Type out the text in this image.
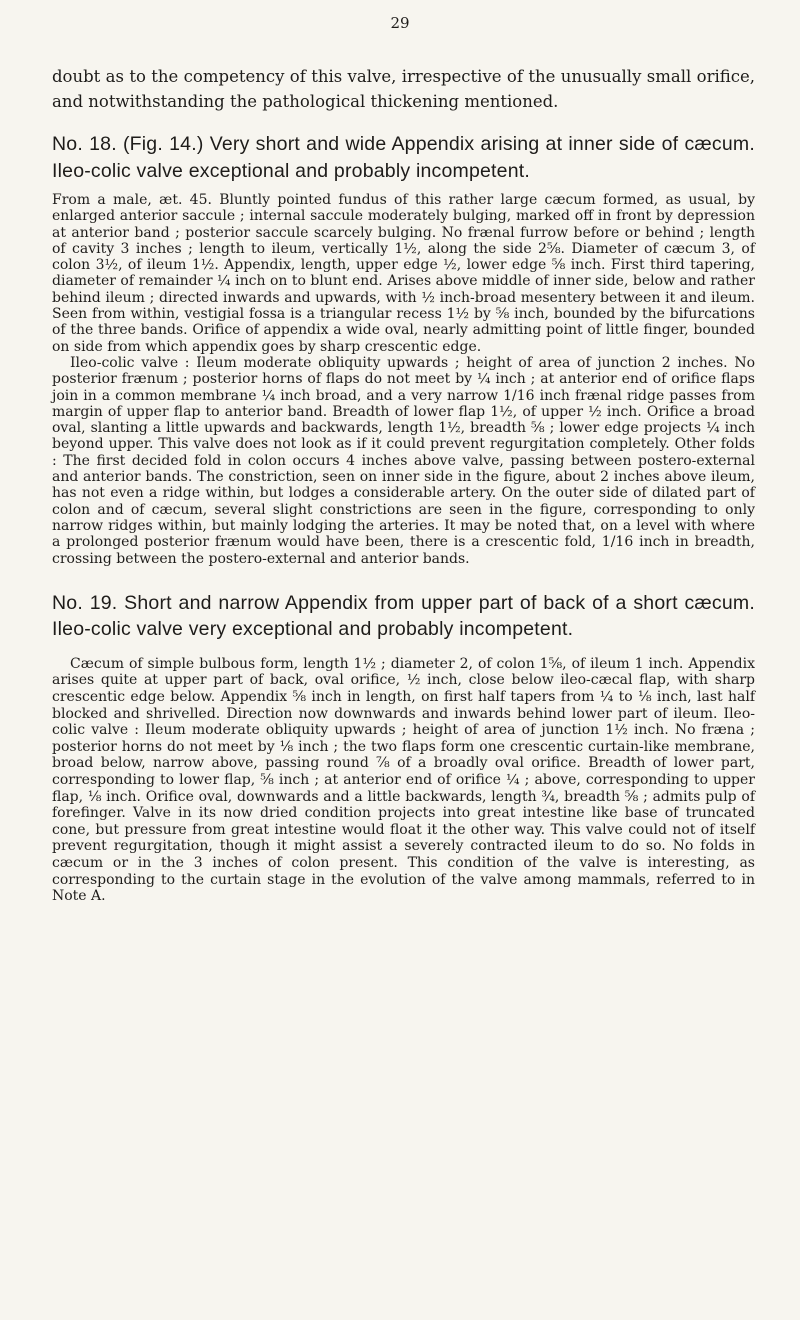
29

doubt as to the competency of this valve, irrespective of the unusually small orifice, and notwithstanding the pathological thickening mentioned.

No. 18. (Fig. 14.) Very short and wide Appendix arising at inner side of cæcum. Ileo-colic valve exceptional and probably incompetent.

From a male, æt. 45. Bluntly pointed fundus of this rather large cæcum formed, as usual, by enlarged anterior saccule ; internal saccule moderately bulging, marked off in front by depression at anterior band ; posterior saccule scarcely bulging. No frænal furrow before or behind ; length of cavity 3 inches ; length to ileum, vertically 1½, along the side 2⅝. Diameter of cæcum 3, of colon 3½, of ileum 1½. Appendix, length, upper edge ½, lower edge ⅝ inch. First third tapering, diameter of remainder ¼ inch on to blunt end. Arises above middle of inner side, below and rather behind ileum ; directed inwards and upwards, with ½ inch-broad mesentery between it and ileum. Seen from within, vestigial fossa is a triangular recess 1½ by ⅝ inch, bounded by the bifurcations of the three bands. Orifice of appendix a wide oval, nearly admitting point of little finger, bounded on side from which appendix goes by sharp crescentic edge.

Ileo-colic valve : Ileum moderate obliquity upwards ; height of area of junction 2 inches. No posterior frænum ; posterior horns of flaps do not meet by ¼ inch ; at anterior end of orifice flaps join in a common membrane ¼ inch broad, and a very narrow 1/16 inch frænal ridge passes from margin of upper flap to anterior band. Breadth of lower flap 1½, of upper ½ inch. Orifice a broad oval, slanting a little upwards and backwards, length 1½, breadth ⅝ ; lower edge projects ¼ inch beyond upper. This valve does not look as if it could prevent regurgitation completely. Other folds : The first decided fold in colon occurs 4 inches above valve, passing between postero-external and anterior bands. The constriction, seen on inner side in the figure, about 2 inches above ileum, has not even a ridge within, but lodges a considerable artery. On the outer side of dilated part of colon and of cæcum, several slight constrictions are seen in the figure, corresponding to only narrow ridges within, but mainly lodging the arteries. It may be noted that, on a level with where a prolonged posterior frænum would have been, there is a crescentic fold, 1/16 inch in breadth, crossing between the postero-external and anterior bands.

No. 19. Short and narrow Appendix from upper part of back of a short cæcum. Ileo-colic valve very exceptional and probably incompetent.

Cæcum of simple bulbous form, length 1½ ; diameter 2, of colon 1⅝, of ileum 1 inch. Appendix arises quite at upper part of back, oval orifice, ½ inch, close below ileo-cæcal flap, with sharp crescentic edge below. Appendix ⅝ inch in length, on first half tapers from ¼ to ⅛ inch, last half blocked and shrivelled. Direction now downwards and inwards behind lower part of ileum. Ileo-colic valve : Ileum moderate obliquity upwards ; height of area of junction 1½ inch. No fræna ; posterior horns do not meet by ⅛ inch ; the two flaps form one crescentic curtain-like membrane, broad below, narrow above, passing round ⅞ of a broadly oval orifice. Breadth of lower part, corresponding to lower flap, ⅝ inch ; at anterior end of orifice ¼ ; above, corresponding to upper flap, ⅛ inch. Orifice oval, downwards and a little backwards, length ¾, breadth ⅝ ; admits pulp of forefinger. Valve in its now dried condition projects into great intestine like base of truncated cone, but pressure from great intestine would float it the other way. This valve could not of itself prevent regurgitation, though it might assist a severely contracted ileum to do so. No folds in cæcum or in the 3 inches of colon present. This condition of the valve is interesting, as corresponding to the curtain stage in the evolution of the valve among mammals, referred to in Note A.
